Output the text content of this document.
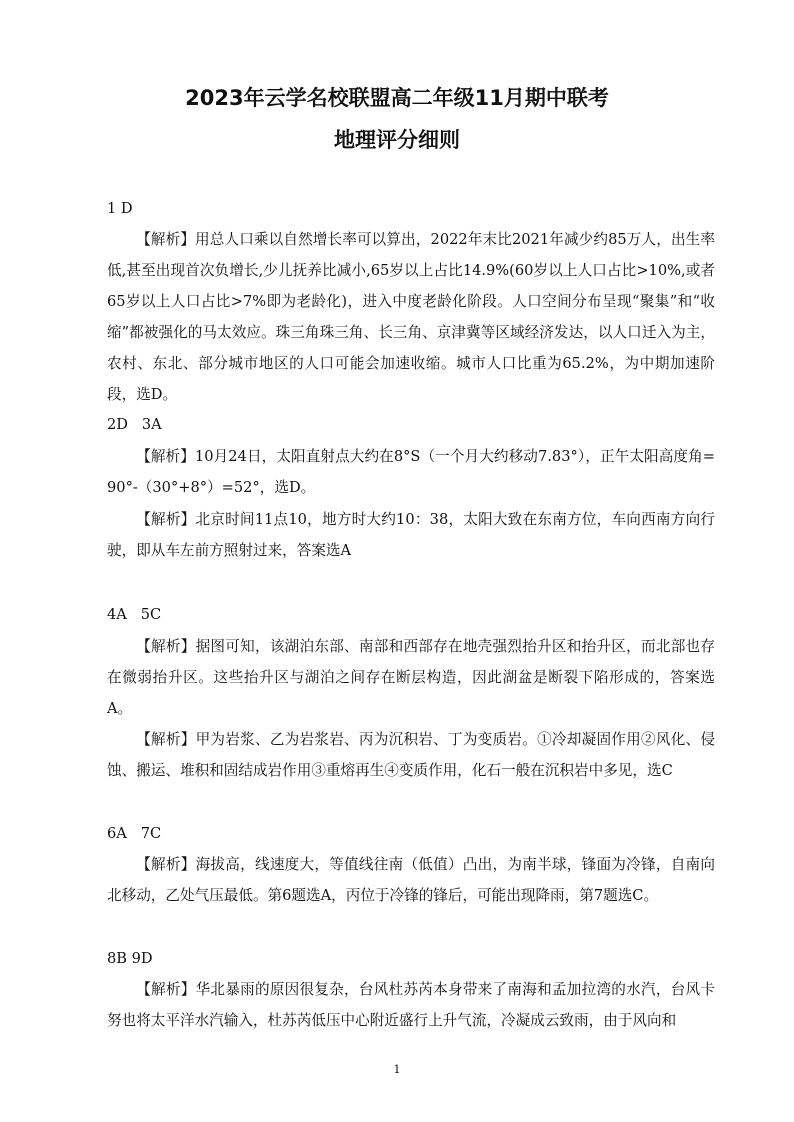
2023年云学名校联盟高二年级11月期中联考
地理评分细则

1 D

【解析】用总人口乘以自然增长率可以算出，2022年末比2021年减少约85万人，出生率低,甚至出现首次负增长,少儿抚养比减小,65岁以上占比14.9%(60岁以上人口占比>10%,或者65岁以上人口占比>7%即为老龄化)，进入中度老龄化阶段。人口空间分布呈现“聚集”和“收缩”都被强化的马太效应。珠三角珠三角、长三角、京津冀等区域经济发达，以人口迁入为主，农村、东北、部分城市地区的人口可能会加速收缩。城市人口比重为65.2%，为中期加速阶段，选D。

2D   3A

【解析】10月24日，太阳直射点大约在8°S（一个月大约移动7.83°），正午太阳高度角=90°-（30°+8°）=52°，选D。

【解析】北京时间11点10，地方时大约10：38，太阳大致在东南方位，车向西南方向行驶，即从车左前方照射过来，答案选A

4A   5C

【解析】据图可知，该湖泊东部、南部和西部存在地壳强烈抬升区和抬升区，而北部也存在微弱抬升区。这些抬升区与湖泊之间存在断层构造，因此湖盆是断裂下陷形成的，答案选A。

【解析】甲为岩浆、乙为岩浆岩、丙为沉积岩、丁为变质岩。①冷却凝固作用②风化、侵蚀、搬运、堆积和固结成岩作用③重熔再生④变质作用，化石一般在沉积岩中多见，选C

6A   7C

【解析】海拔高，线速度大，等值线往南（低值）凸出，为南半球，锋面为冷锋，自南向北移动，乙处气压最低。第6题选A，丙位于冷锋的锋后，可能出现降雨，第7题选C。

8B 9D

【解析】华北暴雨的原因很复杂，台风杜苏芮本身带来了南海和孟加拉湾的水汽，台风卡努也将太平洋水汽输入，杜苏芮低压中心附近盛行上升气流，冷凝成云致雨，由于风向和

1
